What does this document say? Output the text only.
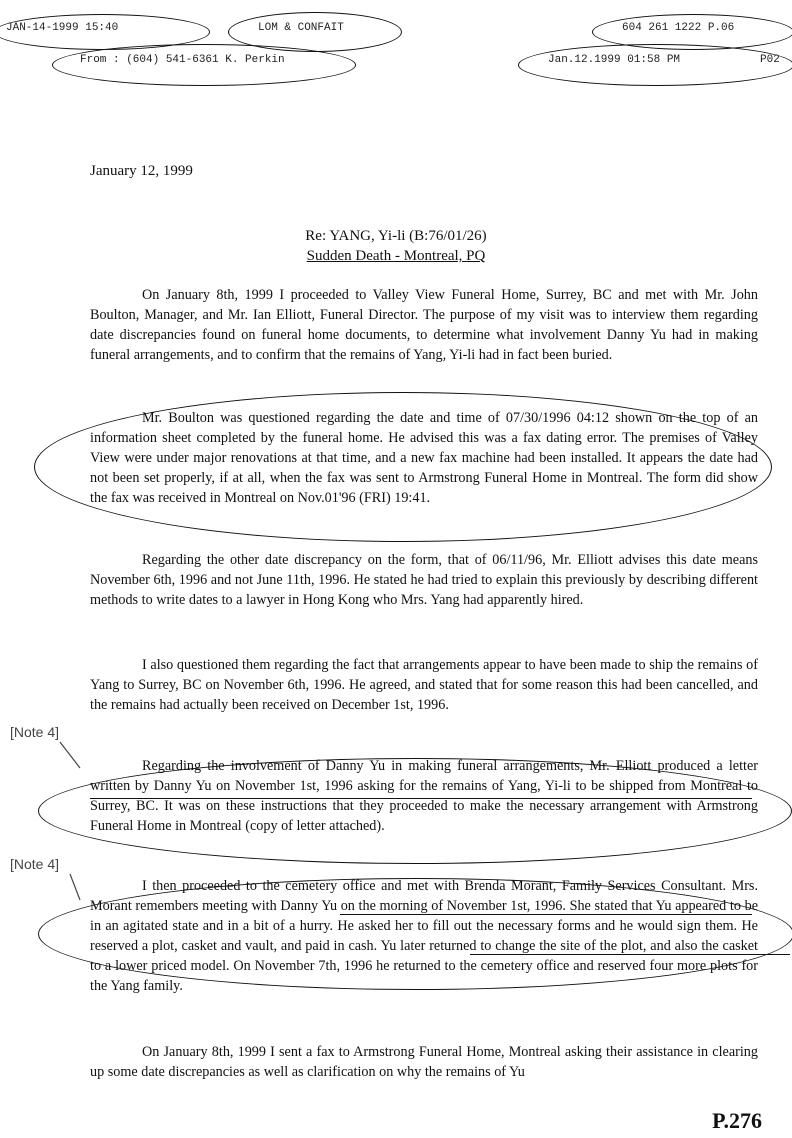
JAN-14-1999 15:40	LOM & CONFAIT	604 261 1222 P.06
From : (604) 541-6361 K. Perkin	Jan.12.1999 01:58 PM	P02
January 12, 1999
Re: YANG, Yi-li (B:76/01/26)
Sudden Death - Montreal, PQ
On January 8th, 1999 I proceeded to Valley View Funeral Home, Surrey, BC and met with Mr. John Boulton, Manager, and Mr. Ian Elliott, Funeral Director. The purpose of my visit was to interview them regarding date discrepancies found on funeral home documents, to determine what involvement Danny Yu had in making funeral arrangements, and to confirm that the remains of Yang, Yi-li had in fact been buried.
Mr. Boulton was questioned regarding the date and time of 07/30/1996 04:12 shown on the top of an information sheet completed by the funeral home. He advised this was a fax dating error. The premises of Valley View were under major renovations at that time, and a new fax machine had been installed. It appears the date had not been set properly, if at all, when the fax was sent to Armstrong Funeral Home in Montreal. The form did show the fax was received in Montreal on Nov.01'96 (FRI) 19:41.
Regarding the other date discrepancy on the form, that of 06/11/96, Mr. Elliott advises this date means November 6th, 1996 and not June 11th, 1996. He stated he had tried to explain this previously by describing different methods to write dates to a lawyer in Hong Kong who Mrs. Yang had apparently hired.
I also questioned them regarding the fact that arrangements appear to have been made to ship the remains of Yang to Surrey, BC on November 6th, 1996. He agreed, and stated that for some reason this had been cancelled, and the remains had actually been received on December 1st, 1996.
[Note 4]
Regarding the involvement of Danny Yu in making funeral arrangements, Mr. Elliott produced a letter written by Danny Yu on November 1st, 1996 asking for the remains of Yang, Yi-li to be shipped from Montreal to Surrey, BC. It was on these instructions that they proceeded to make the necessary arrangement with Armstrong Funeral Home in Montreal (copy of letter attached).
[Note 4]
I then proceeded to the cemetery office and met with Brenda Morant, Family Services Consultant. Mrs. Morant remembers meeting with Danny Yu on the morning of November 1st, 1996. She stated that Yu appeared to be in an agitated state and in a bit of a hurry. He asked her to fill out the necessary forms and he would sign them. He reserved a plot, casket and vault, and paid in cash. Yu later returned to change the site of the plot, and also the casket to a lower priced model. On November 7th, 1996 he returned to the cemetery office and reserved four more plots for the Yang family.
On January 8th, 1999 I sent a fax to Armstrong Funeral Home, Montreal asking their assistance in clearing up some date discrepancies as well as clarification on why the remains of Yu
P.276
